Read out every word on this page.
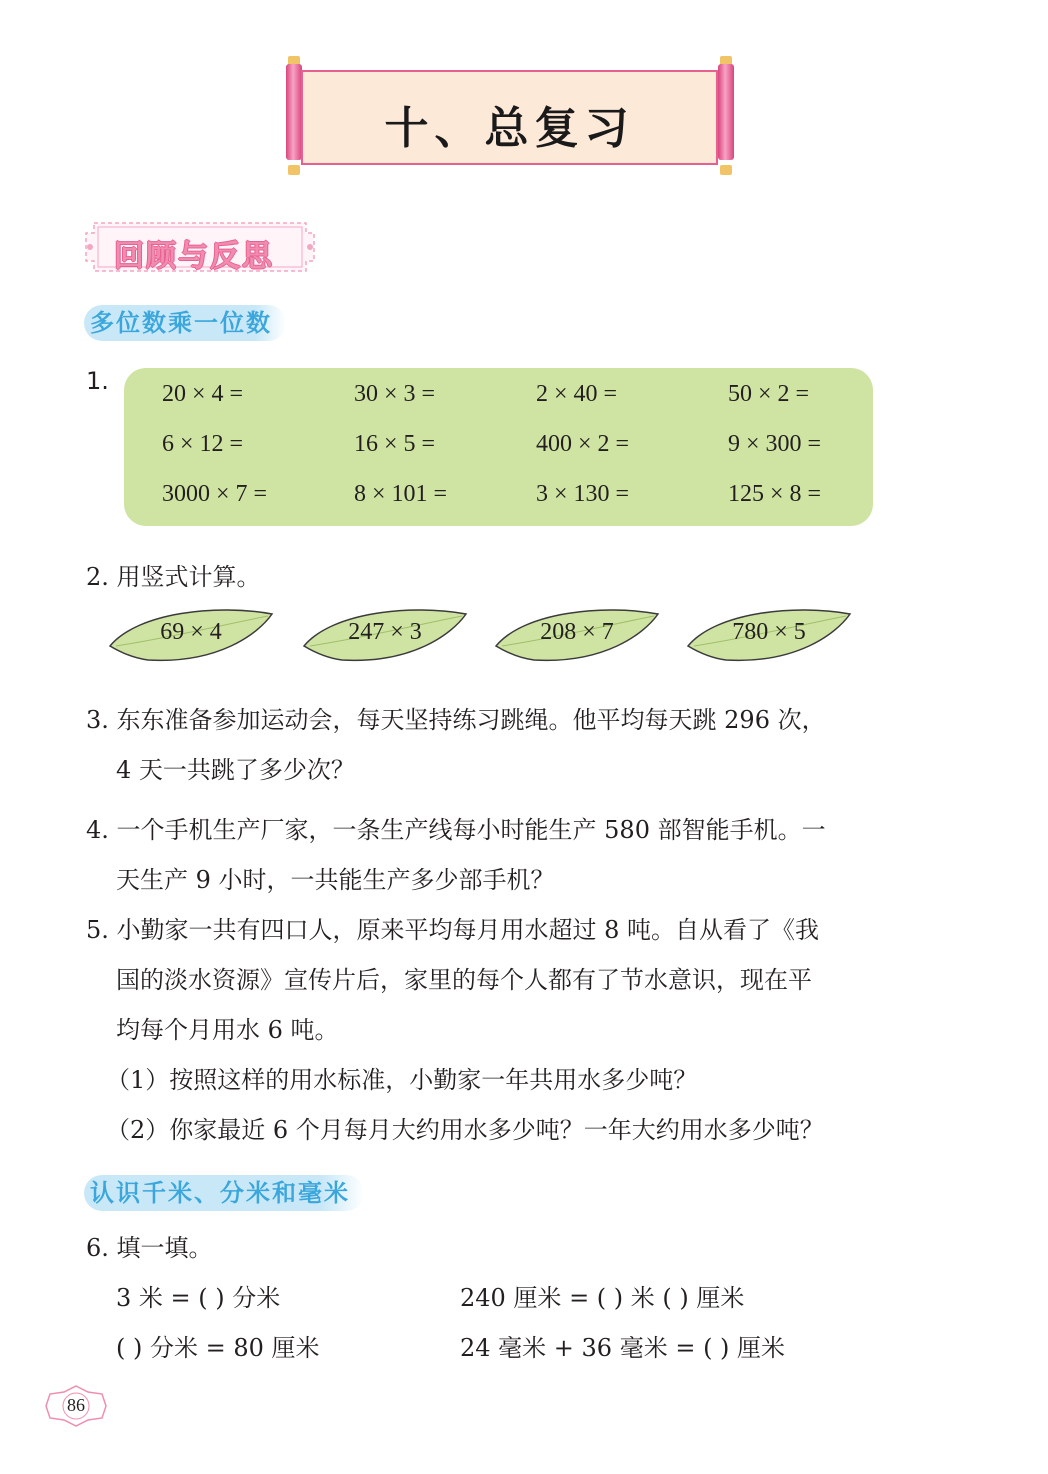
十、总复习
回顾与反思
多位数乘一位数
1. 20 × 4 =	30 × 3 =	2 × 40 =	50 × 2 =
6 × 12 =	16 × 5 =	400 × 2 =	9 × 300 =
3000 × 7 =	8 × 101 =	3 × 130 =	125 × 8 =
2. 用竖式计算。
69 × 4	247 × 3	208 × 7	780 × 5
3. 东东准备参加运动会，每天坚持练习跳绳。他平均每天跳 296 次，
4 天一共跳了多少次？
4. 一个手机生产厂家，一条生产线每小时能生产 580 部智能手机。一
天生产 9 小时，一共能生产多少部手机？
5. 小勤家一共有四口人，原来平均每月用水超过 8 吨。自从看了《我
国的淡水资源》宣传片后，家里的每个人都有了节水意识，现在平
均每个月用水 6 吨。
（1）按照这样的用水标准，小勤家一年共用水多少吨？
（2）你家最近 6 个月每月大约用水多少吨？一年大约用水多少吨？
认识千米、分米和毫米
6. 填一填。
3 米 = ( ) 分米	240 厘米 = ( ) 米 ( ) 厘米
( ) 分米 = 80 厘米	24 毫米 + 36 毫米 = ( ) 厘米
86
